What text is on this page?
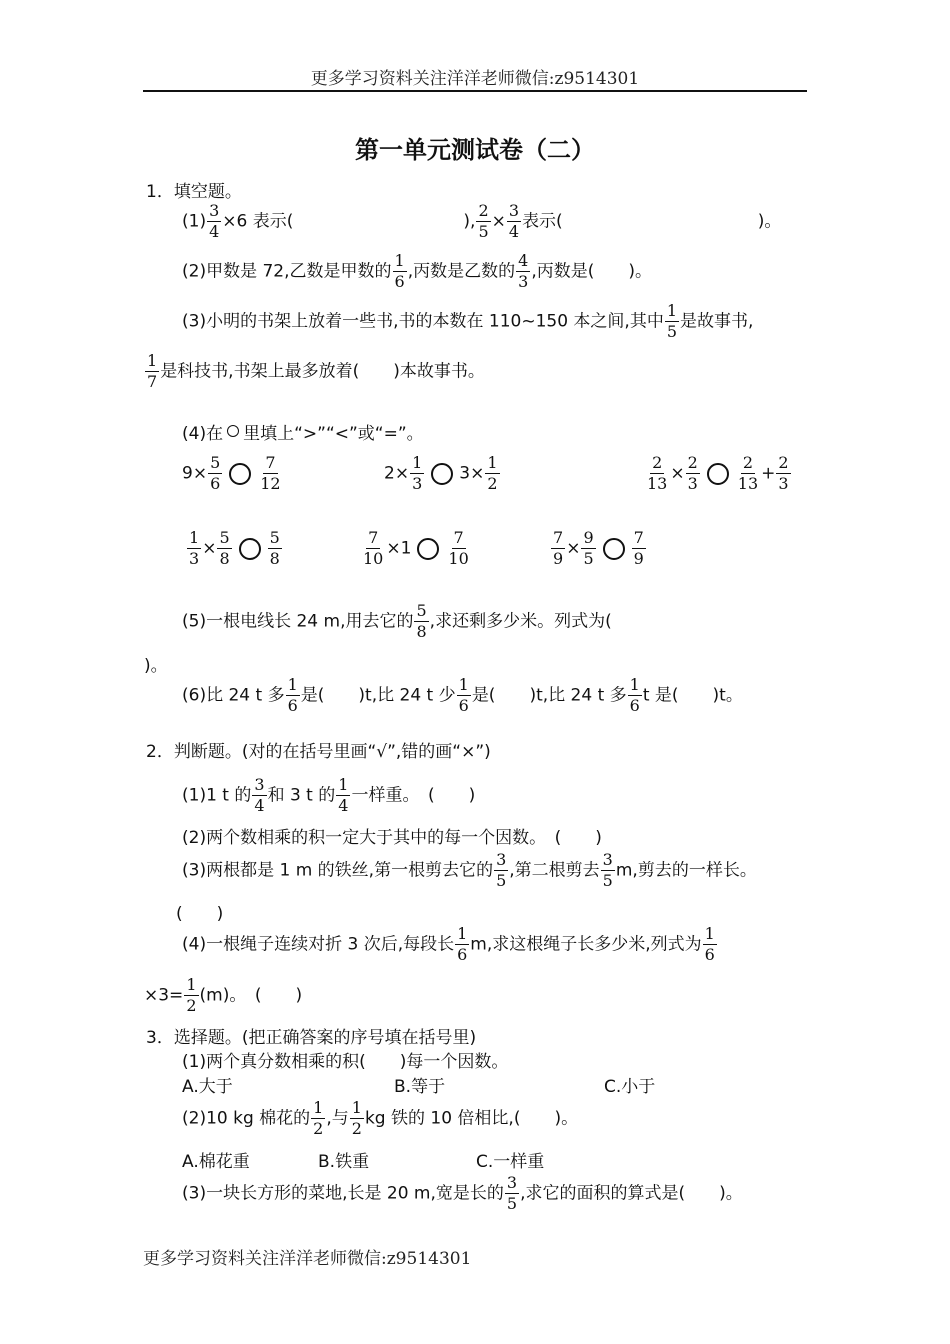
更多学习资料关注洋洋老师微信:z9514301
第一单元测试卷（二）
1．填空题。
$(1) \frac{3}{4} \times 6$ 表示(	), $\frac{2}{5} \times \frac{3}{4}$ 表示(	)。
(2)甲数是 72,乙数是甲数的 $\frac{1}{6}$ ,丙数是乙数的 $\frac{4}{3}$ ,丙数是(　　)。
(3)小明的书架上放着一些书,书的本数在 110~150 本之间,其中 $\frac{1}{5}$ 是故事书,
$\frac{1}{7}$ 是科技书,书架上最多放着(　　)本故事书。
(4)在 里填上“>”“<”或“=”。
$9\times \frac{5}{6} \frac{7}{12}$	$2\times \frac{1}{3} 3\times \frac{1}{2}$	$\frac{2}{13} \times \frac{2}{3} \frac{2}{13} + \frac{2}{3}$
$\frac{1}{3} \times \frac{5}{8} \frac{5}{8}$	$\frac{7}{10} \times 1 \frac{7}{10}$	$\frac{7}{9} \times \frac{9}{5} \frac{7}{9}$
(5)一根电线长 24 m,用去它的 $\frac{5}{8}$ ,求还剩多少米。列式为(
)。
(6)比 24 t 多 $\frac{1}{6}$ 是(　　)t,比 24 t 少 $\frac{1}{6}$ 是(　　)t,比 24 t 多 $\frac{1}{6}$ t 是(　　)t。
2．判断题。(对的在括号里画“√”,错的画“×”)
(1)1 t 的 $\frac{3}{4}$ 和 3 t 的 $\frac{1}{4}$ 一样重。　(　　)
(2)两个数相乘的积一定大于其中的每一个因数。　(　　)
(3)两根都是 1 m 的铁丝,第一根剪去它的 $\frac{3}{5}$ ,第二根剪去 $\frac{3}{5} m$,剪去的一样长。
(　　)
(4)一根绳子连续对折 3 次后,每段长 $\frac{1}{6} m$,求这根绳子长多少米,列式为 $\frac{1}{6}$
$\times 3= \frac{1}{2} (m)$。　(　　)
3．选择题。(把正确答案的序号填在括号里)
(1)两个真分数相乘的积(　　)每一个因数。
A.大于	B.等于	C.小于
(2)10 kg 棉花的 $\frac{1}{2}$ ,与 $\frac{1}{2}$ kg 铁的 10 倍相比,(　　)。
A.棉花重	B.铁重	C.一样重
(3)一块长方形的菜地,长是 20 m,宽是长的 $\frac{3}{5}$ ,求它的面积的算式是(　　)。
更多学习资料关注洋洋老师微信:z9514301
